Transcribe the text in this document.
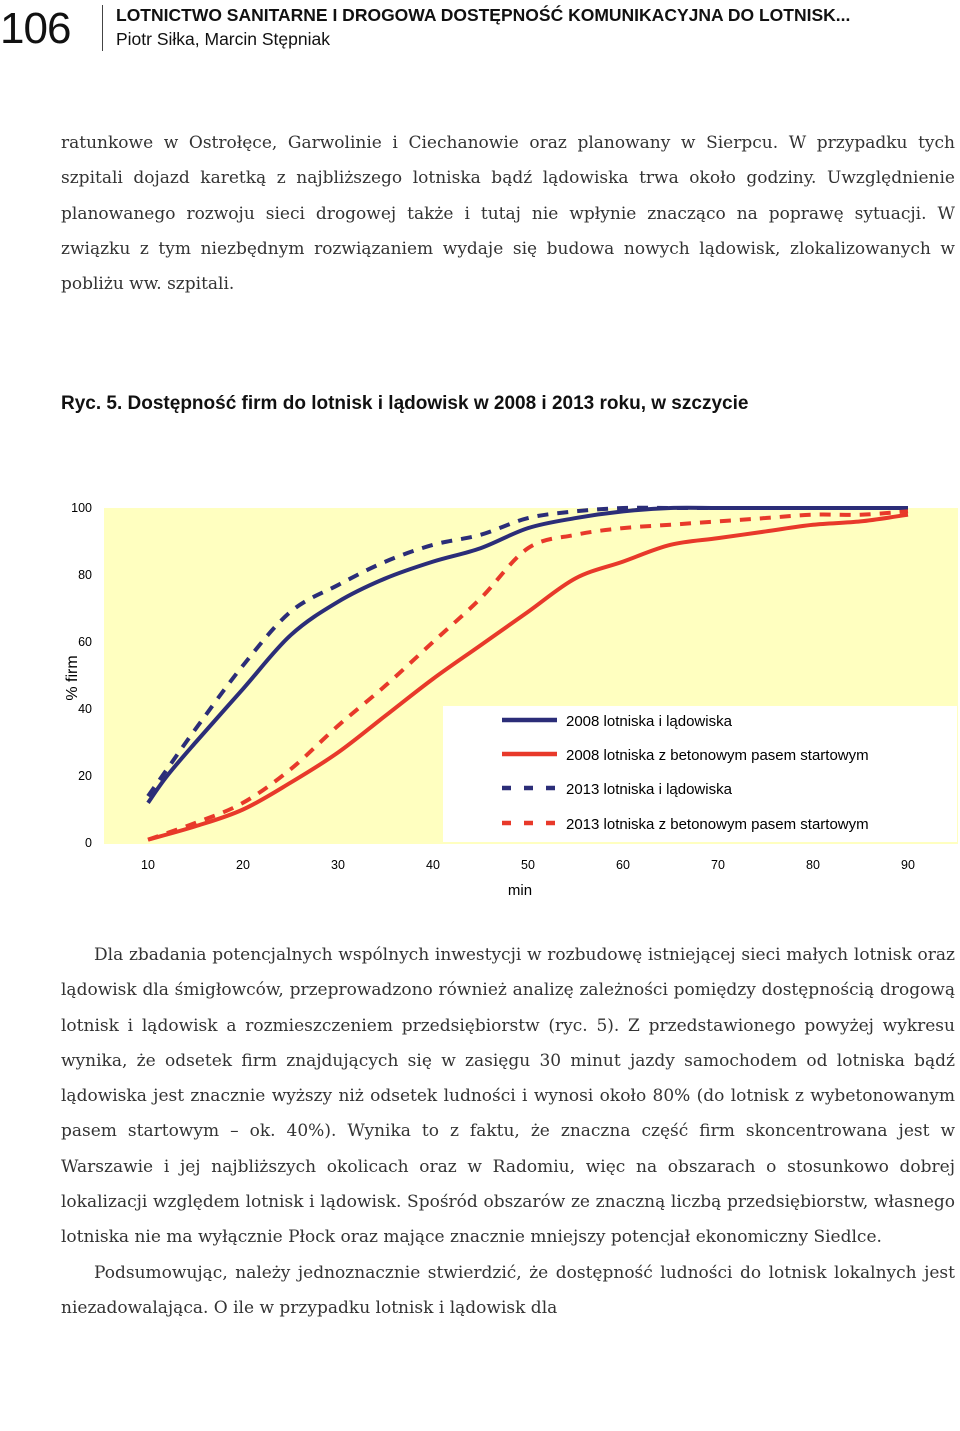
106	LOTNICTWO SANITARNE I DROGOWA DOSTĘPNOŚĆ KOMUNIKACYJNA DO LOTNISK...
Piotr Siłka, Marcin Stępniak

ratunkowe w Ostrołęce, Garwolinie i Ciechanowie oraz planowany w Sierpcu. W przypadku tych szpitali dojazd karetką z najbliższego lotniska bądź lądowiska trwa około godziny. Uwzględnienie planowanego rozwoju sieci drogowej także i tutaj nie wpłynie znacząco na poprawę sytuacji. W związku z tym niezbędnym rozwiązaniem wydaje się budowa nowych lądowisk, zlokalizowanych w pobliżu ww. szpitali.

Ryc. 5. Dostępność firm do lotnisk i lądowisk w 2008 i 2013 roku, w szczycie
10	20	30	40	50	60	70	80	90
0
20
40
60
80
100
% firm
min
2008 lotniska i lądowiska
2008 lotniska z betonowym pasem startowym
2013 lotniska i lądowiska
2013 lotniska z betonowym pasem startowym

Dla zbadania potencjalnych wspólnych inwestycji w rozbudowę istniejącej sieci małych lotnisk oraz lądowisk dla śmigłowców, przeprowadzono również analizę zależności pomiędzy dostępnością drogową lotnisk i lądowisk a rozmieszczeniem przedsiębiorstw (ryc. 5). Z przedstawionego powyżej wykresu wynika, że odsetek firm znajdujących się w zasięgu 30 minut jazdy samochodem od lotniska bądź lądowiska jest znacznie wyższy niż odsetek ludności i wynosi około 80% (do lotnisk z wybetonowanym pasem startowym – ok. 40%). Wynika to z faktu, że znaczna część firm skoncentrowana jest w Warszawie i jej najbliższych okolicach oraz w Radomiu, więc na obszarach o stosunkowo dobrej lokalizacji względem lotnisk i lądowisk. Spośród obszarów ze znaczną liczbą przedsiębiorstw, własnego lotniska nie ma wyłącznie Płock oraz mające znacznie mniejszy potencjał ekonomiczny Siedlce.

Podsumowując, należy jednoznacznie stwierdzić, że dostępność ludności do lotnisk lokalnych jest niezadowalająca. O ile w przypadku lotnisk i lądowisk dla
